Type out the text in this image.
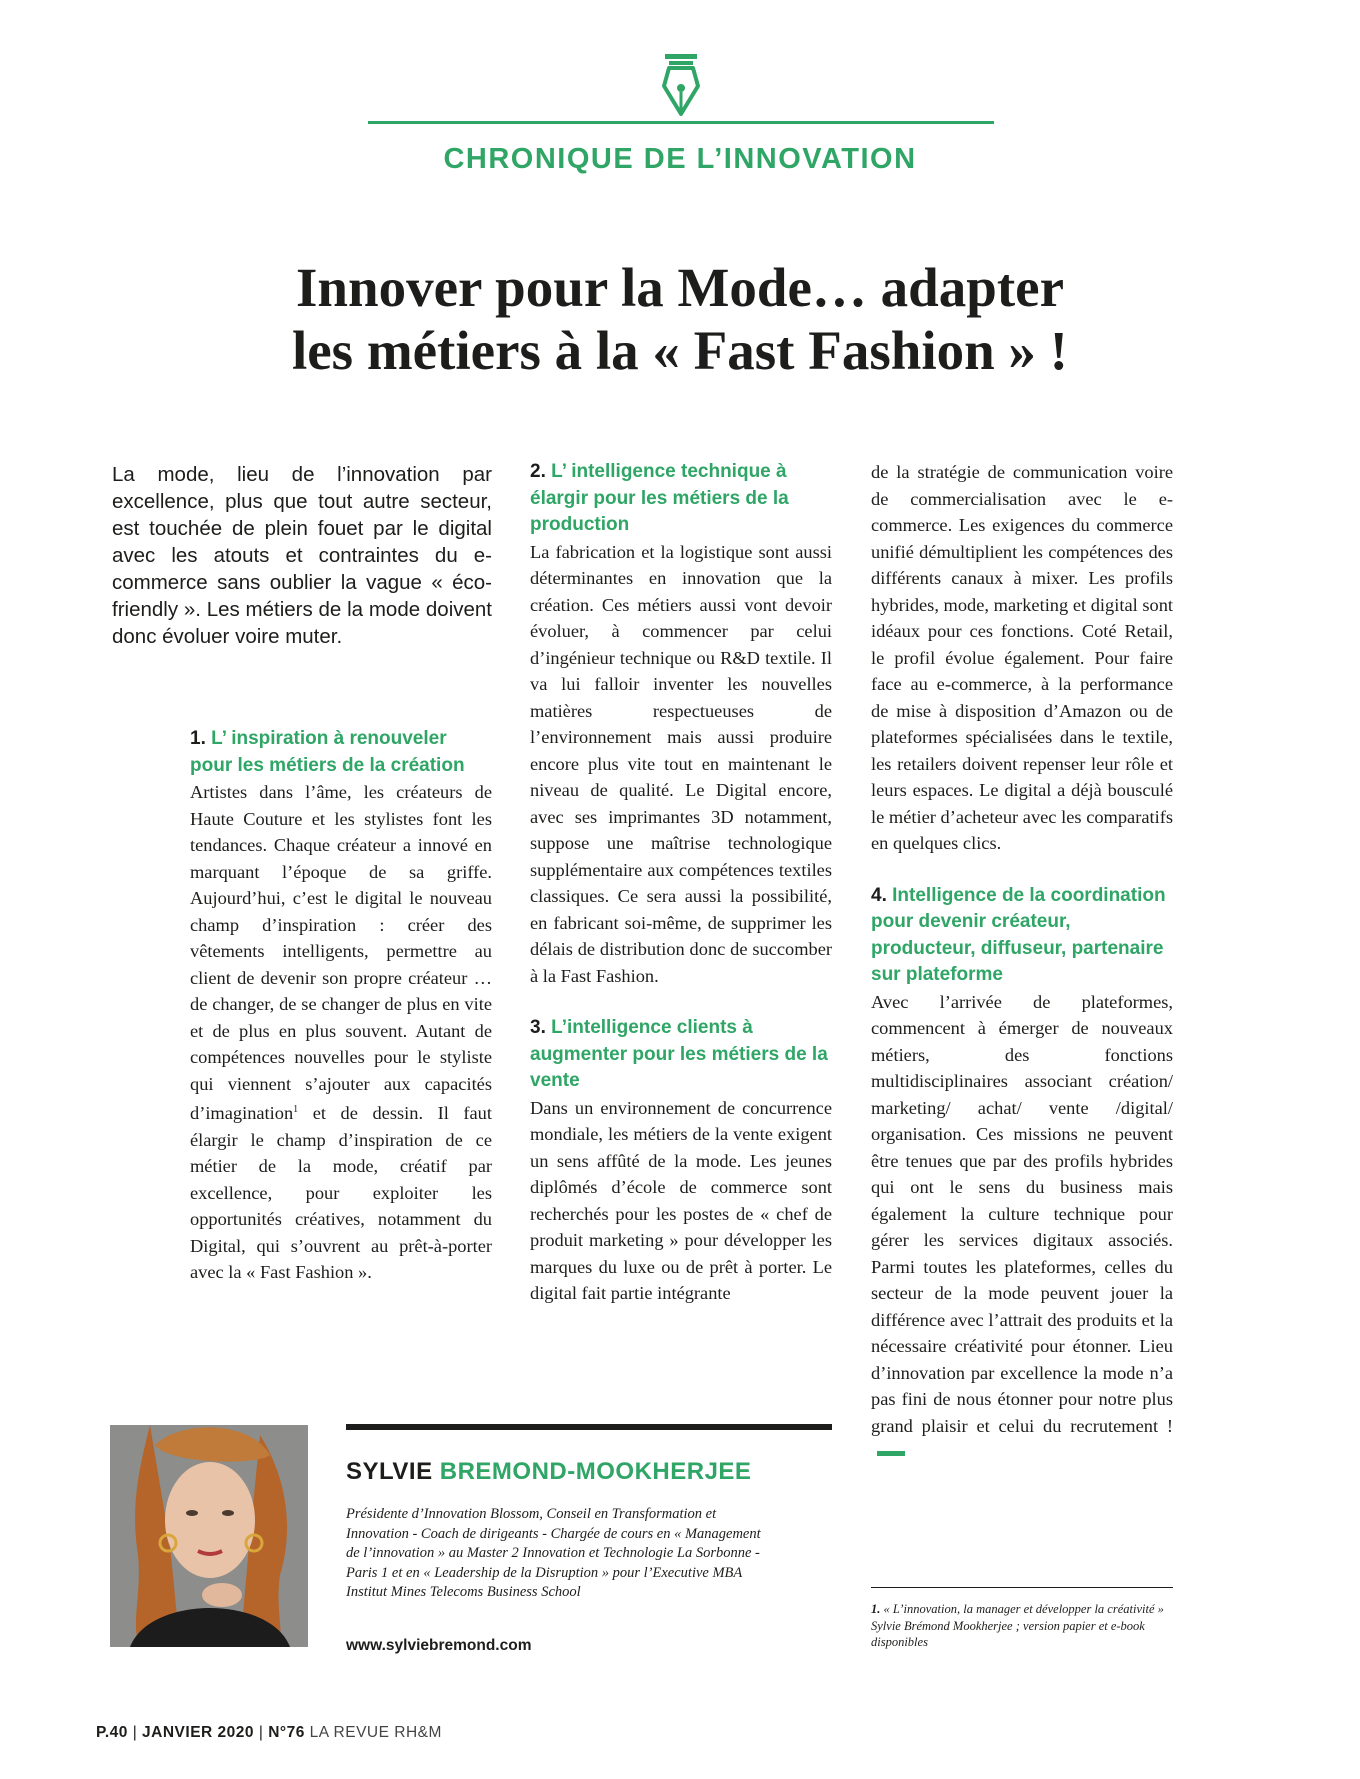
CHRONIQUE DE L’INNOVATION
Innover pour la Mode… adapter
les métiers à la « Fast Fashion » !
La mode, lieu de l’innovation par excellence, plus que tout autre secteur, est touchée de plein fouet par le digital avec les atouts et contraintes du e-commerce sans oublier la vague « éco-friendly ». Les métiers de la mode doivent donc évoluer voire muter.
1. L’ inspiration à renouveler pour les métiers de la création

Artistes dans l’âme, les créateurs de Haute Couture et les stylistes font les tendances. Chaque créateur a innové en marquant l’époque de sa griffe. Aujourd’hui, c’est le digital le nouveau champ d’inspiration : créer des vêtements intelligents, permettre au client de devenir son propre créateur …de changer, de se changer de plus en vite et de plus en plus souvent. Autant de compétences nouvelles pour le styliste qui viennent s’ajouter aux capacités d’imagination$^1$ et de dessin. Il faut élargir le champ d’inspiration de ce métier de la mode, créatif par excellence, pour exploiter les opportunités créatives, notamment du Digital, qui s’ouvrent au prêt-à-porter avec la « Fast Fashion ».

2. L’ intelligence technique à élargir pour les métiers de la production

La fabrication et la logistique sont aussi déterminantes en innovation que la création. Ces métiers aussi vont devoir évoluer, à commencer par celui d’ingénieur technique ou R&D textile. Il va lui falloir inventer les nouvelles matières respectueuses de l’environnement mais aussi produire encore plus vite tout en maintenant le niveau de qualité. Le Digital encore, avec ses imprimantes 3D notamment, suppose une maîtrise technologique supplémentaire aux compétences textiles classiques. Ce sera aussi la possibilité, en fabricant soi-même, de supprimer les délais de distribution donc de succomber à la Fast Fashion.

3. L’intelligence clients à augmenter pour les métiers de la vente

Dans un environnement de concurrence mondiale, les métiers de la vente exigent un sens affûté de la mode. Les jeunes diplômés d’école de commerce sont recherchés pour les postes de « chef de produit marketing » pour développer les marques du luxe ou de prêt à porter. Le digital fait partie intégrante

de la stratégie de communication voire de commercialisation avec le e-commerce. Les exigences du commerce unifié démultiplient les compétences des différents canaux à mixer. Les profils hybrides, mode, marketing et digital sont idéaux pour ces fonctions. Coté Retail, le profil évolue également. Pour faire face au e-commerce, à la performance de mise à disposition d’Amazon ou de plateformes spécialisées dans le textile, les retailers doivent repenser leur rôle et leurs espaces. Le digital a déjà bousculé le métier d’acheteur avec les comparatifs en quelques clics.

4. Intelligence de la coordination pour devenir créateur, producteur, diffuseur, partenaire sur plateforme

Avec l’arrivée de plateformes, commencent à émerger de nouveaux métiers, des fonctions multidisciplinaires associant création/ marketing/ achat/ vente /digital/ organisation. Ces missions ne peuvent être tenues que par des profils hybrides qui ont le sens du business mais également la culture technique pour gérer les services digitaux associés. Parmi toutes les plateformes, celles du secteur de la mode peuvent jouer la différence avec l’attrait des produits et la nécessaire créativité pour étonner. Lieu d’innovation par excellence la mode n’a pas fini de nous étonner pour notre plus grand plaisir et celui du recrutement !

SYLVIE BREMOND-MOOKHERJEE
Présidente d’Innovation Blossom, Conseil en Transformation et Innovation - Coach de dirigeants - Chargée de cours en « Management de l’innovation » au Master 2 Innovation et Technologie La Sorbonne - Paris 1 et en « Leadership de la Disruption » pour l’Executive MBA Institut Mines Telecoms Business School
www.sylviebremond.com
1. « L’innovation, la manager et développer la créativité » Sylvie Brémond Mookherjee ; version papier et e-book disponibles
P.40 | JANVIER 2020 | N°76 LA REVUE RH&M
